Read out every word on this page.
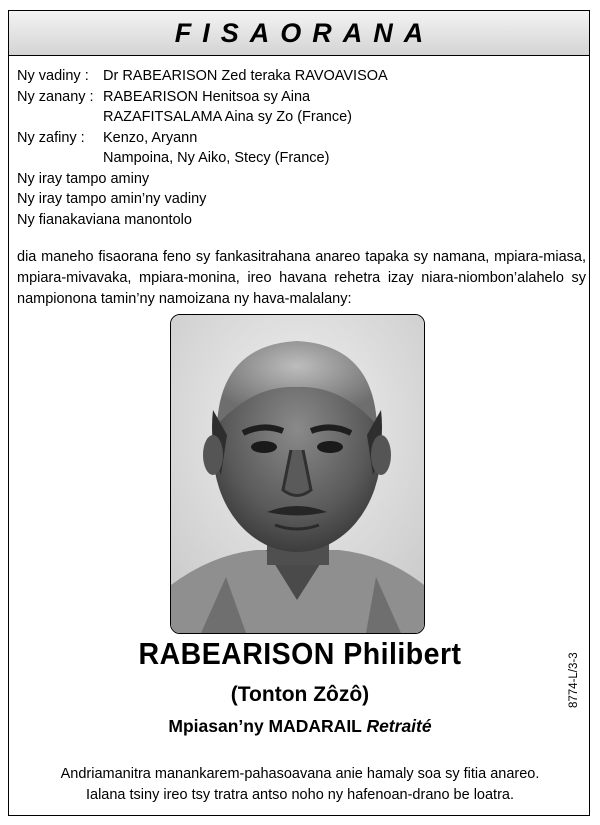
FISAORANA
Ny vadiny : Dr RABEARISON Zed teraka RAVOAVISOA
Ny zanany : RABEARISON Henitsoa sy Aina
RAZAFITSALAMA Aina sy Zo (France)
Ny zafiny :	Kenzo, Aryann
Nampoina, Ny Aiko, Stecy (France)
Ny iray tampo aminy
Ny iray tampo amin’ny vadiny
Ny fianakaviana manontolo
dia maneho fisaorana feno sy fankasitrahana anareo tapaka sy namana, mpiara-miasa, mpiara-mivavaka, mpiara-monina, ireo havana rehetra izay niara-niombon’alahelo sy nampionona tamin’ny namoizana ny hava-malalany:
RABEARISON Philibert
(Tonton Zôzô)
Mpiasan’ny MADARAIL Retraité
8774-L/3-3
Andriamanitra manankarem-pahasoavana anie hamaly soa sy fitia anareo.
Ialana tsiny ireo tsy tratra antso noho ny hafenoan-drano be loatra.
